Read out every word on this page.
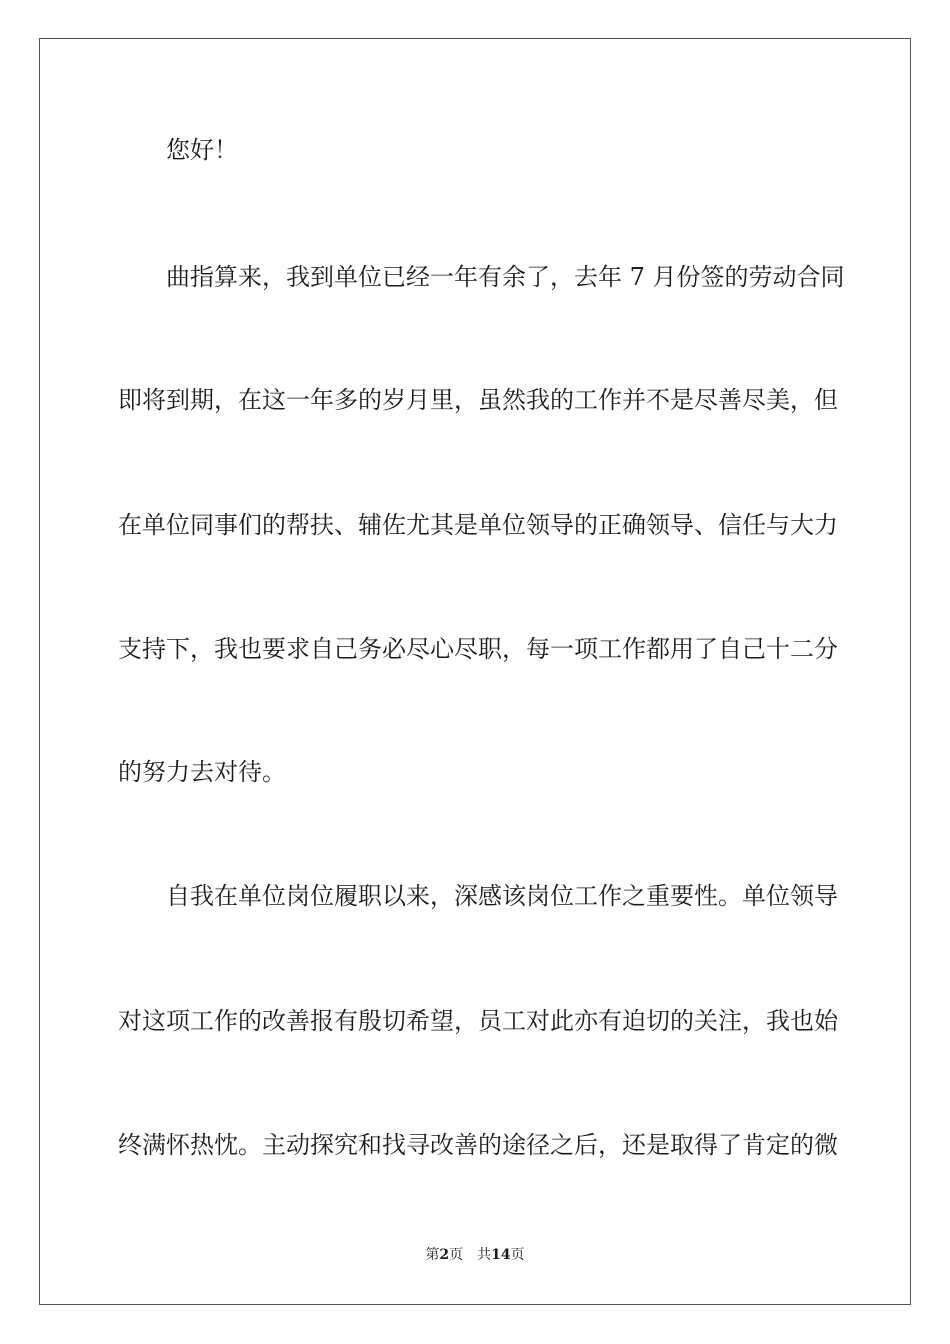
您好！
曲指算来，我到单位已经一年有余了，去年 7 月份签的劳动合同
即将到期，在这一年多的岁月里，虽然我的工作并不是尽善尽美，但
在单位同事们的帮扶、辅佐尤其是单位领导的正确领导、信任与大力
支持下，我也要求自己务必尽心尽职，每一项工作都用了自己十二分
的努力去对待。
自我在单位岗位履职以来，深感该岗位工作之重要性。单位领导
对这项工作的改善报有殷切希望，员工对此亦有迫切的关注，我也始
终满怀热忱。主动探究和找寻改善的途径之后，还是取得了肯定的微
第2页 共14页
